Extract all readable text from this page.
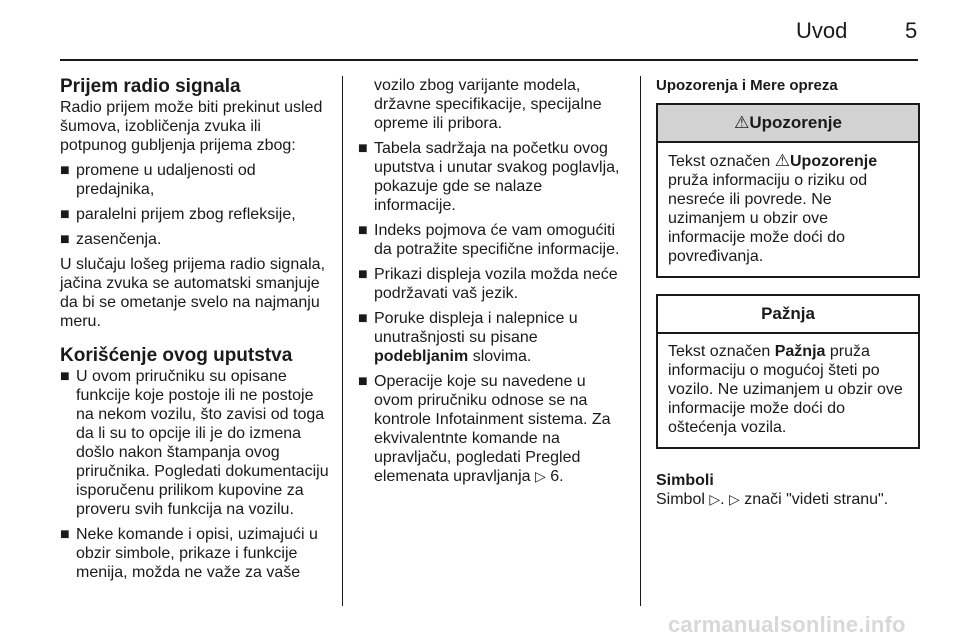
Uvod	5
Prijem radio signala

Radio prijem može biti prekinut usled šumova, izobličenja zvuka ili potpunog gubljenja prijema zbog:

■ promene u udaljenosti od predajnika,
■ paralelni prijem zbog refleksije,
■ zasenčenja.

U slučaju lošeg prijema radio signala, jačina zvuka se automatski smanjuje da bi se ometanje svelo na najmanju meru.

Korišćenje ovog uputstva
■ U ovom priručniku su opisane funkcije koje postoje ili ne postoje na nekom vozilu, što zavisi od toga da li su to opcije ili je do izmena došlo nakon štampanja ovog priručnika. Pogledati dokumentaciju isporučenu prilikom kupovine za proveru svih funkcija na vozilu.
■ Neke komande i opisi, uzimajući u obzir simbole, prikaze i funkcije menija, možda ne važe za vaše

vozilo zbog varijante modela, državne specifikacije, specijalne opreme ili pribora.

■ Tabela sadržaja na početku ovog uputstva i unutar svakog poglavlja, pokazuje gde se nalaze informacije.
■ Indeks pojmova će vam omogućiti da potražite specifične informacije.
■ Prikazi displeja vozila možda neće podržavati vaš jezik.
■ Poruke displeja i nalepnice u unutrašnjosti su pisane
podebljanim slovima.
■ Operacije koje su navedene u ovom priručniku odnose se na kontrole Infotainment sistema. Za ekvivalentnte komande na upravljaču, pogledati Pregled elemenata upravljanja ▷ 6.
Upozorenja i Mere opreza
⚠Upozorenje
Tekst označen ⚠Upozorenje pruža informaciju o riziku od nesreće ili povrede. Ne uzimanjem u obzir ove informacije može doći do povređivanja.
Pažnja
Tekst označen Pažnja pruža informaciju o mogućoj šteti po vozilo. Ne uzimanjem u obzir ove informacije može doći do oštećenja vozila.
Simboli
Simbol ▷. ▷ znači "videti stranu".
carmanualsonline.info
